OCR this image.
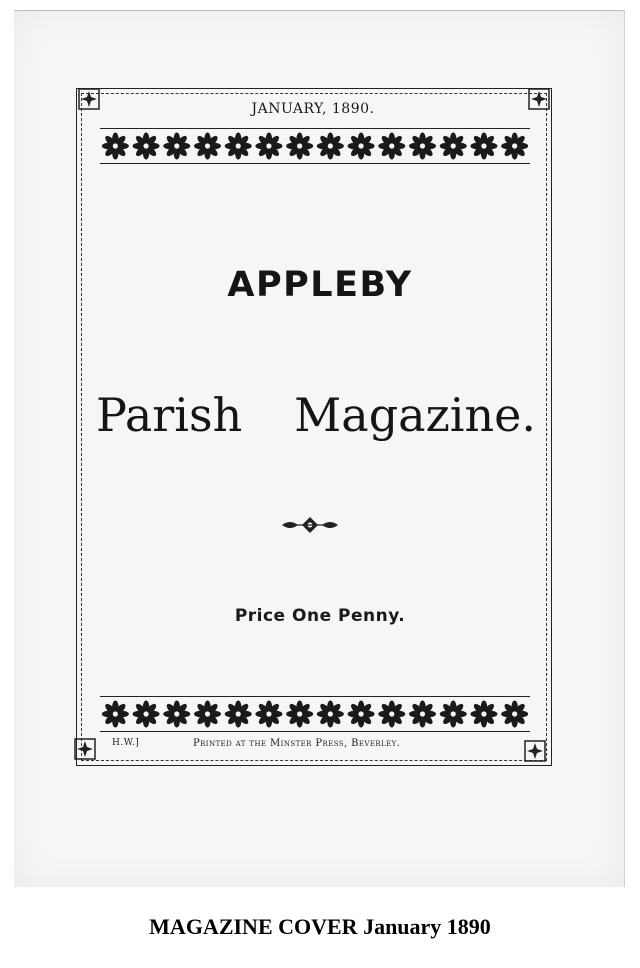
JANUARY, 1890.
APPLEBY
Parish Magazine.
Price One Penny.
H.W.]	Printed at the Minster Press, Beverley.
MAGAZINE COVER January 1890
